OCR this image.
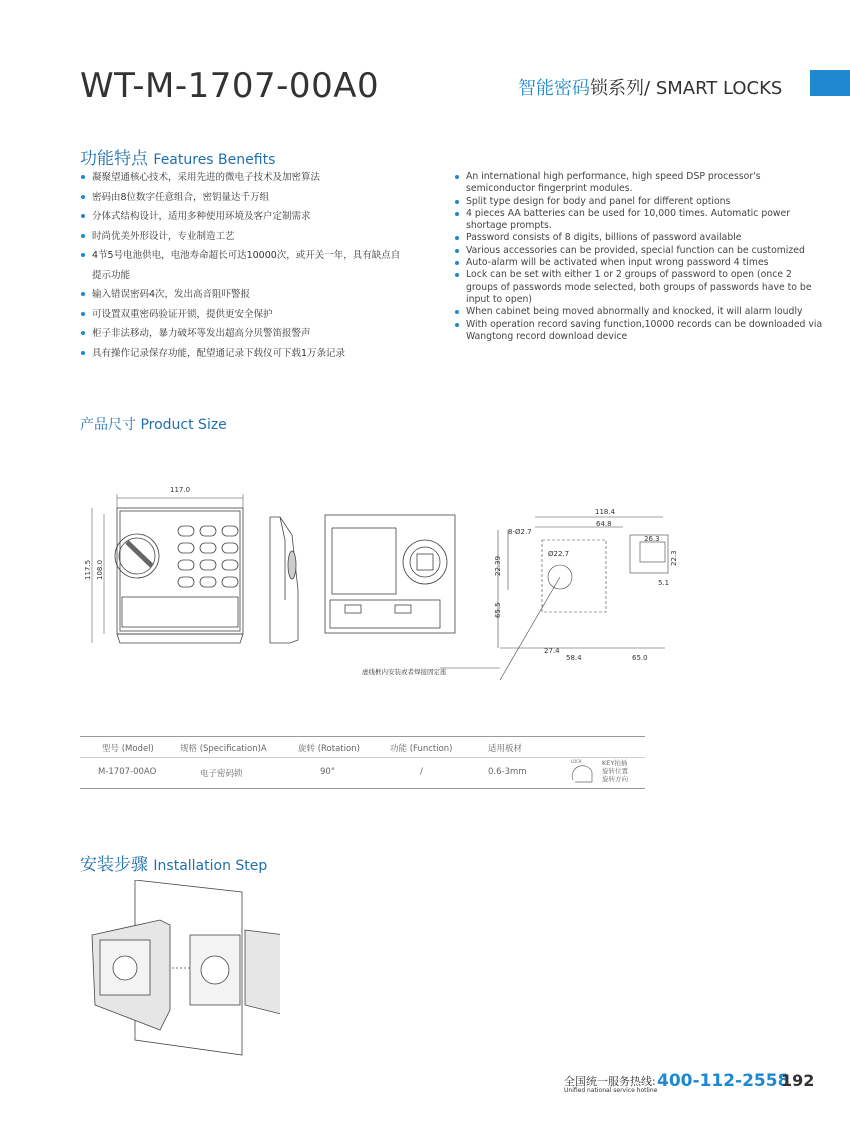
WT-M-1707-00A0	智能密码锁系列/ SMART LOCKS
功能特点 Features Benefits
凝聚望通核心技术，采用先进的微电子技术及加密算法
密码由8位数字任意组合，密钥量达千万组
分体式结构设计，适用多种使用环境及客户定制需求
时尚优美外形设计，专业制造工艺
4节5号电池供电，电池寿命超长可达10000次，或开关一年，具有缺点自
提示功能
输入错误密码4次，发出高音阻吓警报
可设置双重密码验证开锁，提供更安全保护
柜子非法移动，暴力破坏等发出超高分贝警笛报警声
具有操作记录保存功能，配望通记录下载仪可下载1万条记录
An international high performance, high speed DSP processor's semiconductor fingerprint modules.
Split type design for body and panel for different options
4 pieces AA batteries can be used for 10,000 times. Automatic power shortage prompts.
Password consists of 8 digits, billions of password available
Various accessories can be provided, special function can be customized
Auto-alarm will be activated when input wrong password 4 times
Lock can be set with either 1 or 2 groups of password to open (once 2 groups of passwords mode selected, both groups of passwords have to be input to open)
When cabinet being moved abnormally and knocked, it will alarm loudly
With operation record saving function,10000 records can be downloaded via Wangtong record download device
产品尺寸 Product Size
117.0
117.5 108.0
118.4
64.8
8-Ø2.7
Ø22.7
26.3
22.3
5.1
22.39
65.5
27.4
58.4	65.0
虚线框内安装或者焊接固定座
型号 (Model)	规格 (Specification)A	旋转 (Rotation)	功能 (Function)	适用板材
M-1707-00AO	电子密码锁	90°	/	0.6-3mm
LOCK	KEY拍插
旋转位置
旋转方向
安装步骤 Installation Step
全国统一服务热线:
Unified national service hotline 400-112-2558
192
